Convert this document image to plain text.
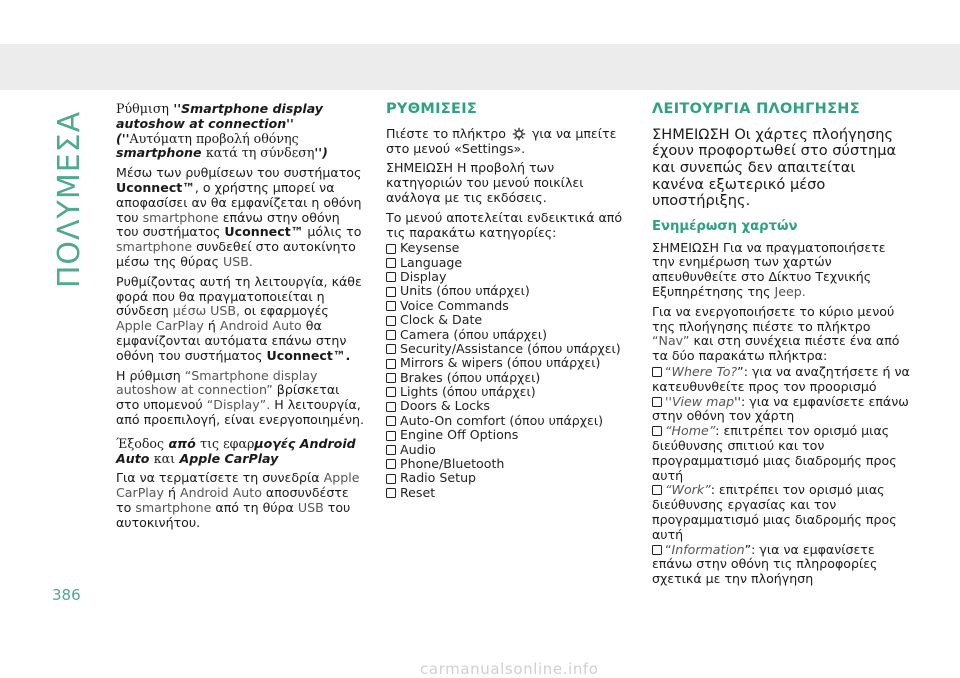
ΠΟΛΥΜΕΣΑ

Ρύθμιση ''Smartphone display autoshow at connection'' (''Αυτόματη προβολή οθόνης smartphone κατά τη σύνδεση'')

Μέσω των ρυθμίσεων του συστήματος Uconnect™, ο χρήστης μπορεί να αποφασίσει αν θα εμφανίζεται η οθόνη του smartphone επάνω στην οθόνη του συστήματος Uconnect™ μόλις το smartphone συνδεθεί στο αυτοκίνητο μέσω της θύρας USB.

Ρυθμίζοντας αυτή τη λειτουργία, κάθε φορά που θα πραγματοποιείται η σύνδεση μέσω USB, οι εφαρμογές Apple CarPlay ή Android Auto θα εμφανίζονται αυτόματα επάνω στην οθόνη του συστήματος Uconnect™.

Η ρύθμιση “Smartphone display autoshow at connection” βρίσκεται στο υπομενού “Display”. Η λειτουργία, από προεπιλογή, είναι ενεργοποιημένη.

Έξοδος από τις εφαρμογές Android Auto και Apple CarPlay

Για να τερματίσετε τη συνεδρία Apple CarPlay ή Android Auto αποσυνδέστε το smartphone από τη θύρα USB του αυτοκινήτου.

ΡΥΘΜΙΣΕΙΣ

Πιέστε το πλήκτρο για να μπείτε στο μενού «Settings».

ΣΗΜΕΙΩΣΗ Η προβολή των κατηγοριών του μενού ποικίλει ανάλογα με τις εκδόσεις.

Το μενού αποτελείται ενδεικτικά από τις παρακάτω κατηγορίες:

Keysense
Language
Display
Units (όπου υπάρχει)
Voice Commands
Clock & Date
Camera (όπου υπάρχει)
Security/Assistance (όπου υπάρχει)
Mirrors & wipers (όπου υπάρχει)
Brakes (όπου υπάρχει)
Lights (όπου υπάρχει)
Doors & Locks
Auto-On comfort (όπου υπάρχει)
Engine Off Options
Audio
Phone/Bluetooth
Radio Setup
Reset
ΛΕΙΤΟΥΡΓΙΑ ΠΛΟΗΓΗΣΗΣ

ΣΗΜΕΙΩΣΗ Οι χάρτες πλοήγησης έχουν προφορτωθεί στο σύστημα και συνεπώς δεν απαιτείται κανένα εξωτερικό μέσο υποστήριξης.

Ενημέρωση χαρτών

ΣΗΜΕΙΩΣΗ Για να πραγματοποιήσετε την ενημέρωση των χαρτών απευθυνθείτε στο Δίκτυο Τεχνικής Εξυπηρέτησης της Jeep.

Για να ενεργοποιήσετε το κύριο μενού της πλοήγησης πιέστε το πλήκτρο “Nav” και στη συνέχεια πιέστε ένα από τα δύο παρακάτω πλήκτρα:

“Where To?”: για να αναζητήσετε ή να κατευθυνθείτε προς τον προορισμό
''View map'': για να εμφανίσετε επάνω στην οθόνη τον χάρτη
“Home”: επιτρέπει τον ορισμό μιας διεύθυνσης σπιτιού και τον προγραμματισμό μιας διαδρομής προς αυτή
“Work”: επιτρέπει τον ορισμό μιας διεύθυνσης εργασίας και τον προγραμματισμό μιας διαδρομής προς αυτή
“Information”: για να εμφανίσετε επάνω στην οθόνη τις πληροφορίες σχετικά με την πλοήγηση
386
carmanualsonline.info
